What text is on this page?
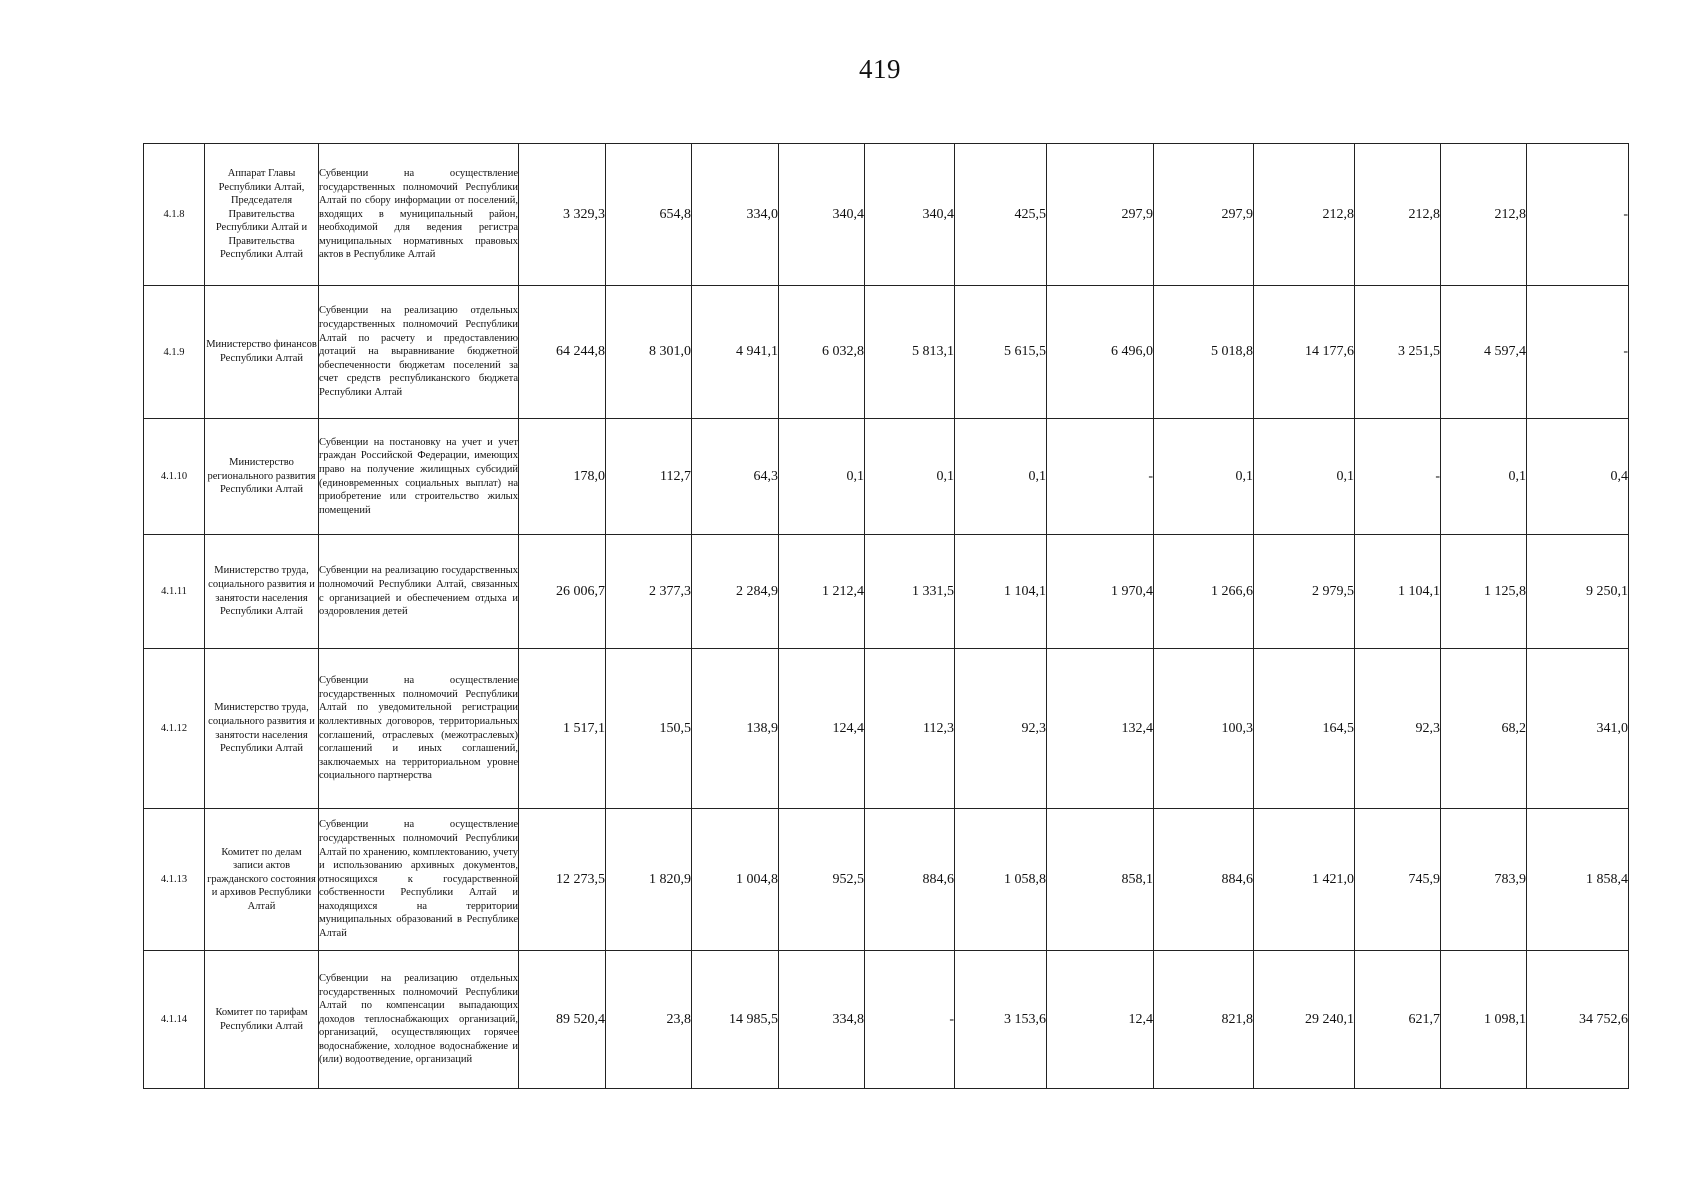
419
4.1.8	Аппарат Главы Республики Алтай, Председателя Правительства Республики Алтай и Правительства Республики Алтай	Субвенции на осуществление государственных полномочий Республики Алтай по сбору информации от поселений, входящих в муниципальный район, необходимой для ведения регистра муниципальных нормативных правовых актов в Республике Алтай	3 329,3	654,8	334,0	340,4	340,4	425,5	297,9	297,9	212,8	212,8	212,8	-
4.1.9	Министерство финансов Республики Алтай	Субвенции на реализацию отдельных государственных полномочий Республики Алтай по расчету и предоставлению дотаций на выравнивание бюджетной обеспеченности бюджетам поселений за счет средств республиканского бюджета Республики Алтай	64 244,8	8 301,0	4 941,1	6 032,8	5 813,1	5 615,5	6 496,0	5 018,8	14 177,6	3 251,5	4 597,4	-
4.1.10	Министерство регионального развития Республики Алтай	Субвенции на постановку на учет и учет граждан Российской Федерации, имеющих право на получение жилищных субсидий (единовременных социальных выплат) на приобретение или строительство жилых помещений	178,0	112,7	64,3	0,1	0,1	0,1	-	0,1	0,1	-	0,1	0,4
4.1.11	Министерство труда, социального развития и занятости населения Республики Алтай	Субвенции на реализацию государственных полномочий Республики Алтай, связанных с организацией и обеспечением отдыха и оздоровления детей	26 006,7	2 377,3	2 284,9	1 212,4	1 331,5	1 104,1	1 970,4	1 266,6	2 979,5	1 104,1	1 125,8	9 250,1
4.1.12	Министерство труда, социального развития и занятости населения Республики Алтай	Субвенции на осуществление государственных полномочий Республики Алтай по уведомительной регистрации коллективных договоров, территориальных соглашений, отраслевых (межотраслевых) соглашений и иных соглашений, заключаемых на территориальном уровне социального партнерства	1 517,1	150,5	138,9	124,4	112,3	92,3	132,4	100,3	164,5	92,3	68,2	341,0
4.1.13	Комитет по делам записи актов гражданского состояния и архивов Республики Алтай	Субвенции на осуществление государственных полномочий Республики Алтай по хранению, комплектованию, учету и использованию архивных документов, относящихся к государственной собственности Республики Алтай и находящихся на территории муниципальных образований в Республике Алтай	12 273,5	1 820,9	1 004,8	952,5	884,6	1 058,8	858,1	884,6	1 421,0	745,9	783,9	1 858,4
4.1.14	Комитет по тарифам Республики Алтай	Субвенции на реализацию отдельных государственных полномочий Республики Алтай по компенсации выпадающих доходов теплоснабжающих организаций, организаций, осуществляющих горячее водоснабжение, холодное водоснабжение и (или) водоотведение, организаций	89 520,4	23,8	14 985,5	334,8	-	3 153,6	12,4	821,8	29 240,1	621,7	1 098,1	34 752,6
